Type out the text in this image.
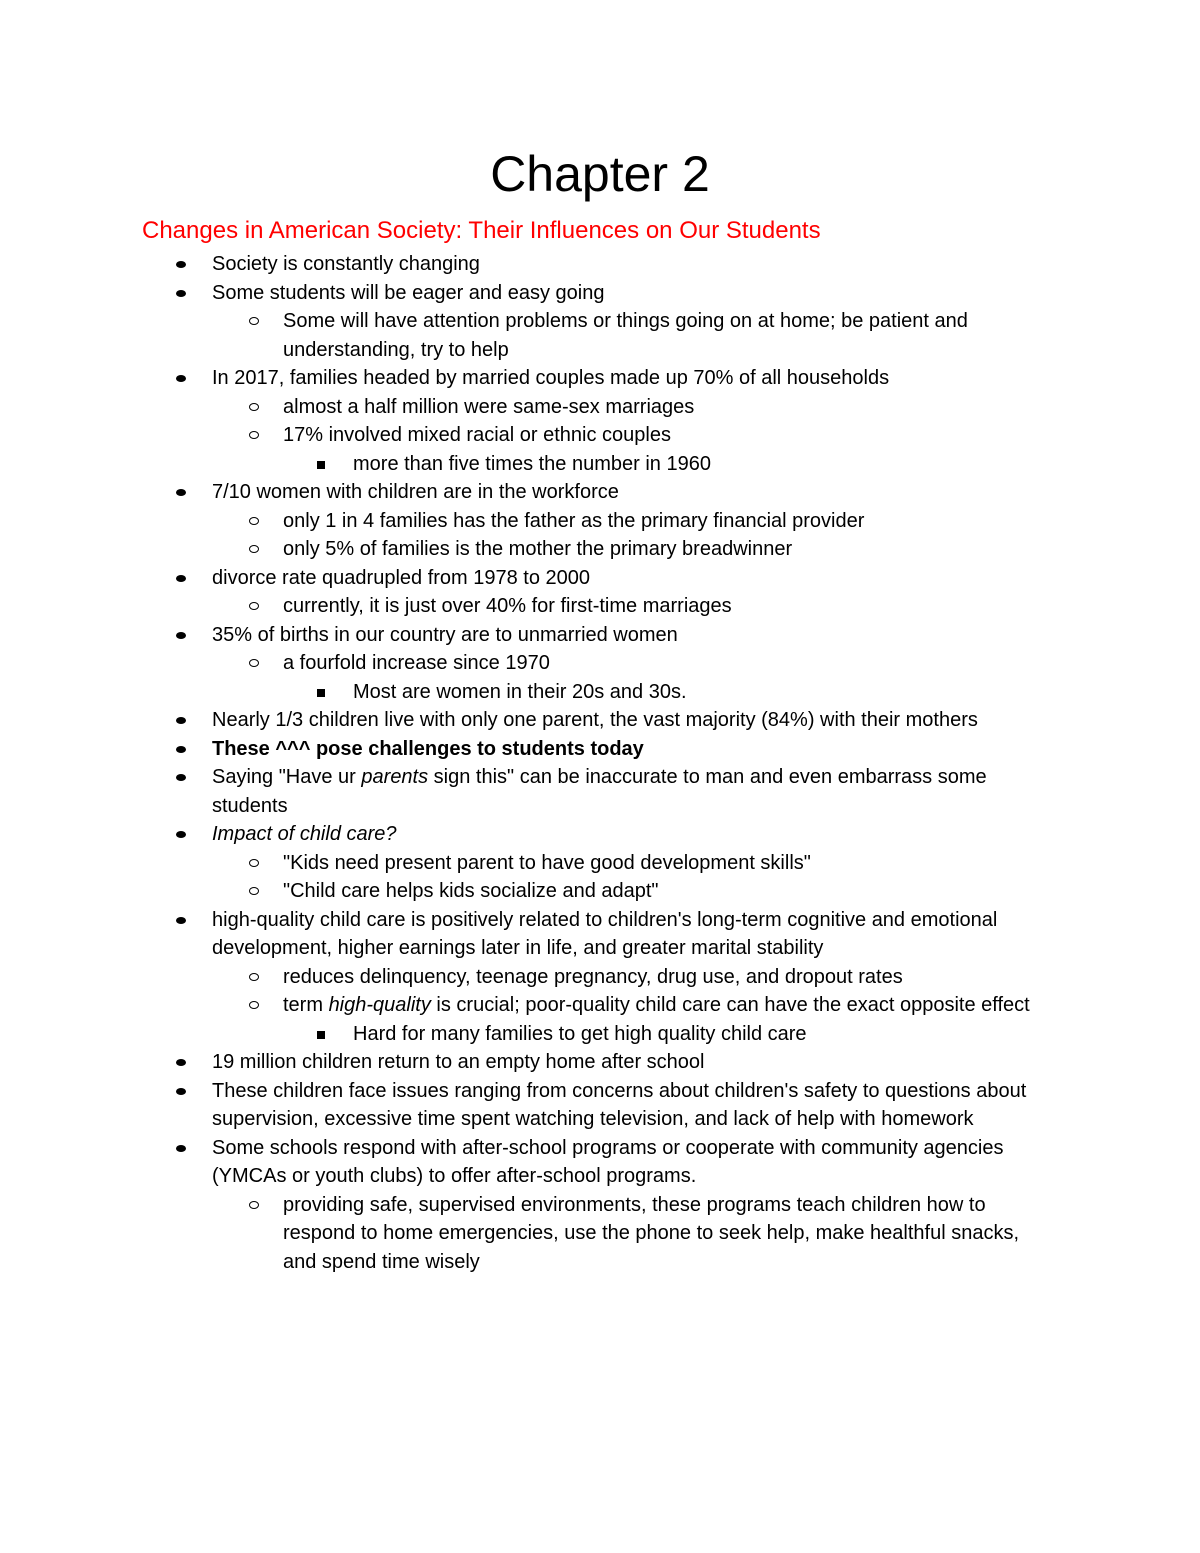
Chapter 2
Changes in American Society: Their Influences on Our Students
Society is constantly changing
Some students will be eager and easy going
Some will have attention problems or things going on at home; be patient and understanding, try to help
In 2017, families headed by married couples made up 70% of all households
almost a half million were same-sex marriages
17% involved mixed racial or ethnic couples
more than five times the number in 1960
7/10 women with children are in the workforce
only 1 in 4 families has the father as the primary financial provider
only 5% of families is the mother the primary breadwinner
divorce rate quadrupled from 1978 to 2000
currently, it is just over 40% for first-time marriages
35% of births in our country are to unmarried women
a fourfold increase since 1970
Most are women in their 20s and 30s.
Nearly 1/3 children live with only one parent, the vast majority (84%) with their mothers
These ^^^ pose challenges to students today
Saying "Have ur parents sign this" can be inaccurate to man and even embarrass some students
Impact of child care?
"Kids need present parent to have good development skills"
"Child care helps kids socialize and adapt"
high-quality child care is positively related to children's long-term cognitive and emotional development, higher earnings later in life, and greater marital stability
reduces delinquency, teenage pregnancy, drug use, and dropout rates
term high-quality is crucial; poor-quality child care can have the exact opposite effect
Hard for many families to get high quality child care
19 million children return to an empty home after school
These children face issues ranging from concerns about children's safety to questions about supervision, excessive time spent watching television, and lack of help with homework
Some schools respond with after-school programs or cooperate with community agencies (YMCAs or youth clubs) to offer after-school programs.
providing safe, supervised environments, these programs teach children how to respond to home emergencies, use the phone to seek help, make healthful snacks, and spend time wisely
